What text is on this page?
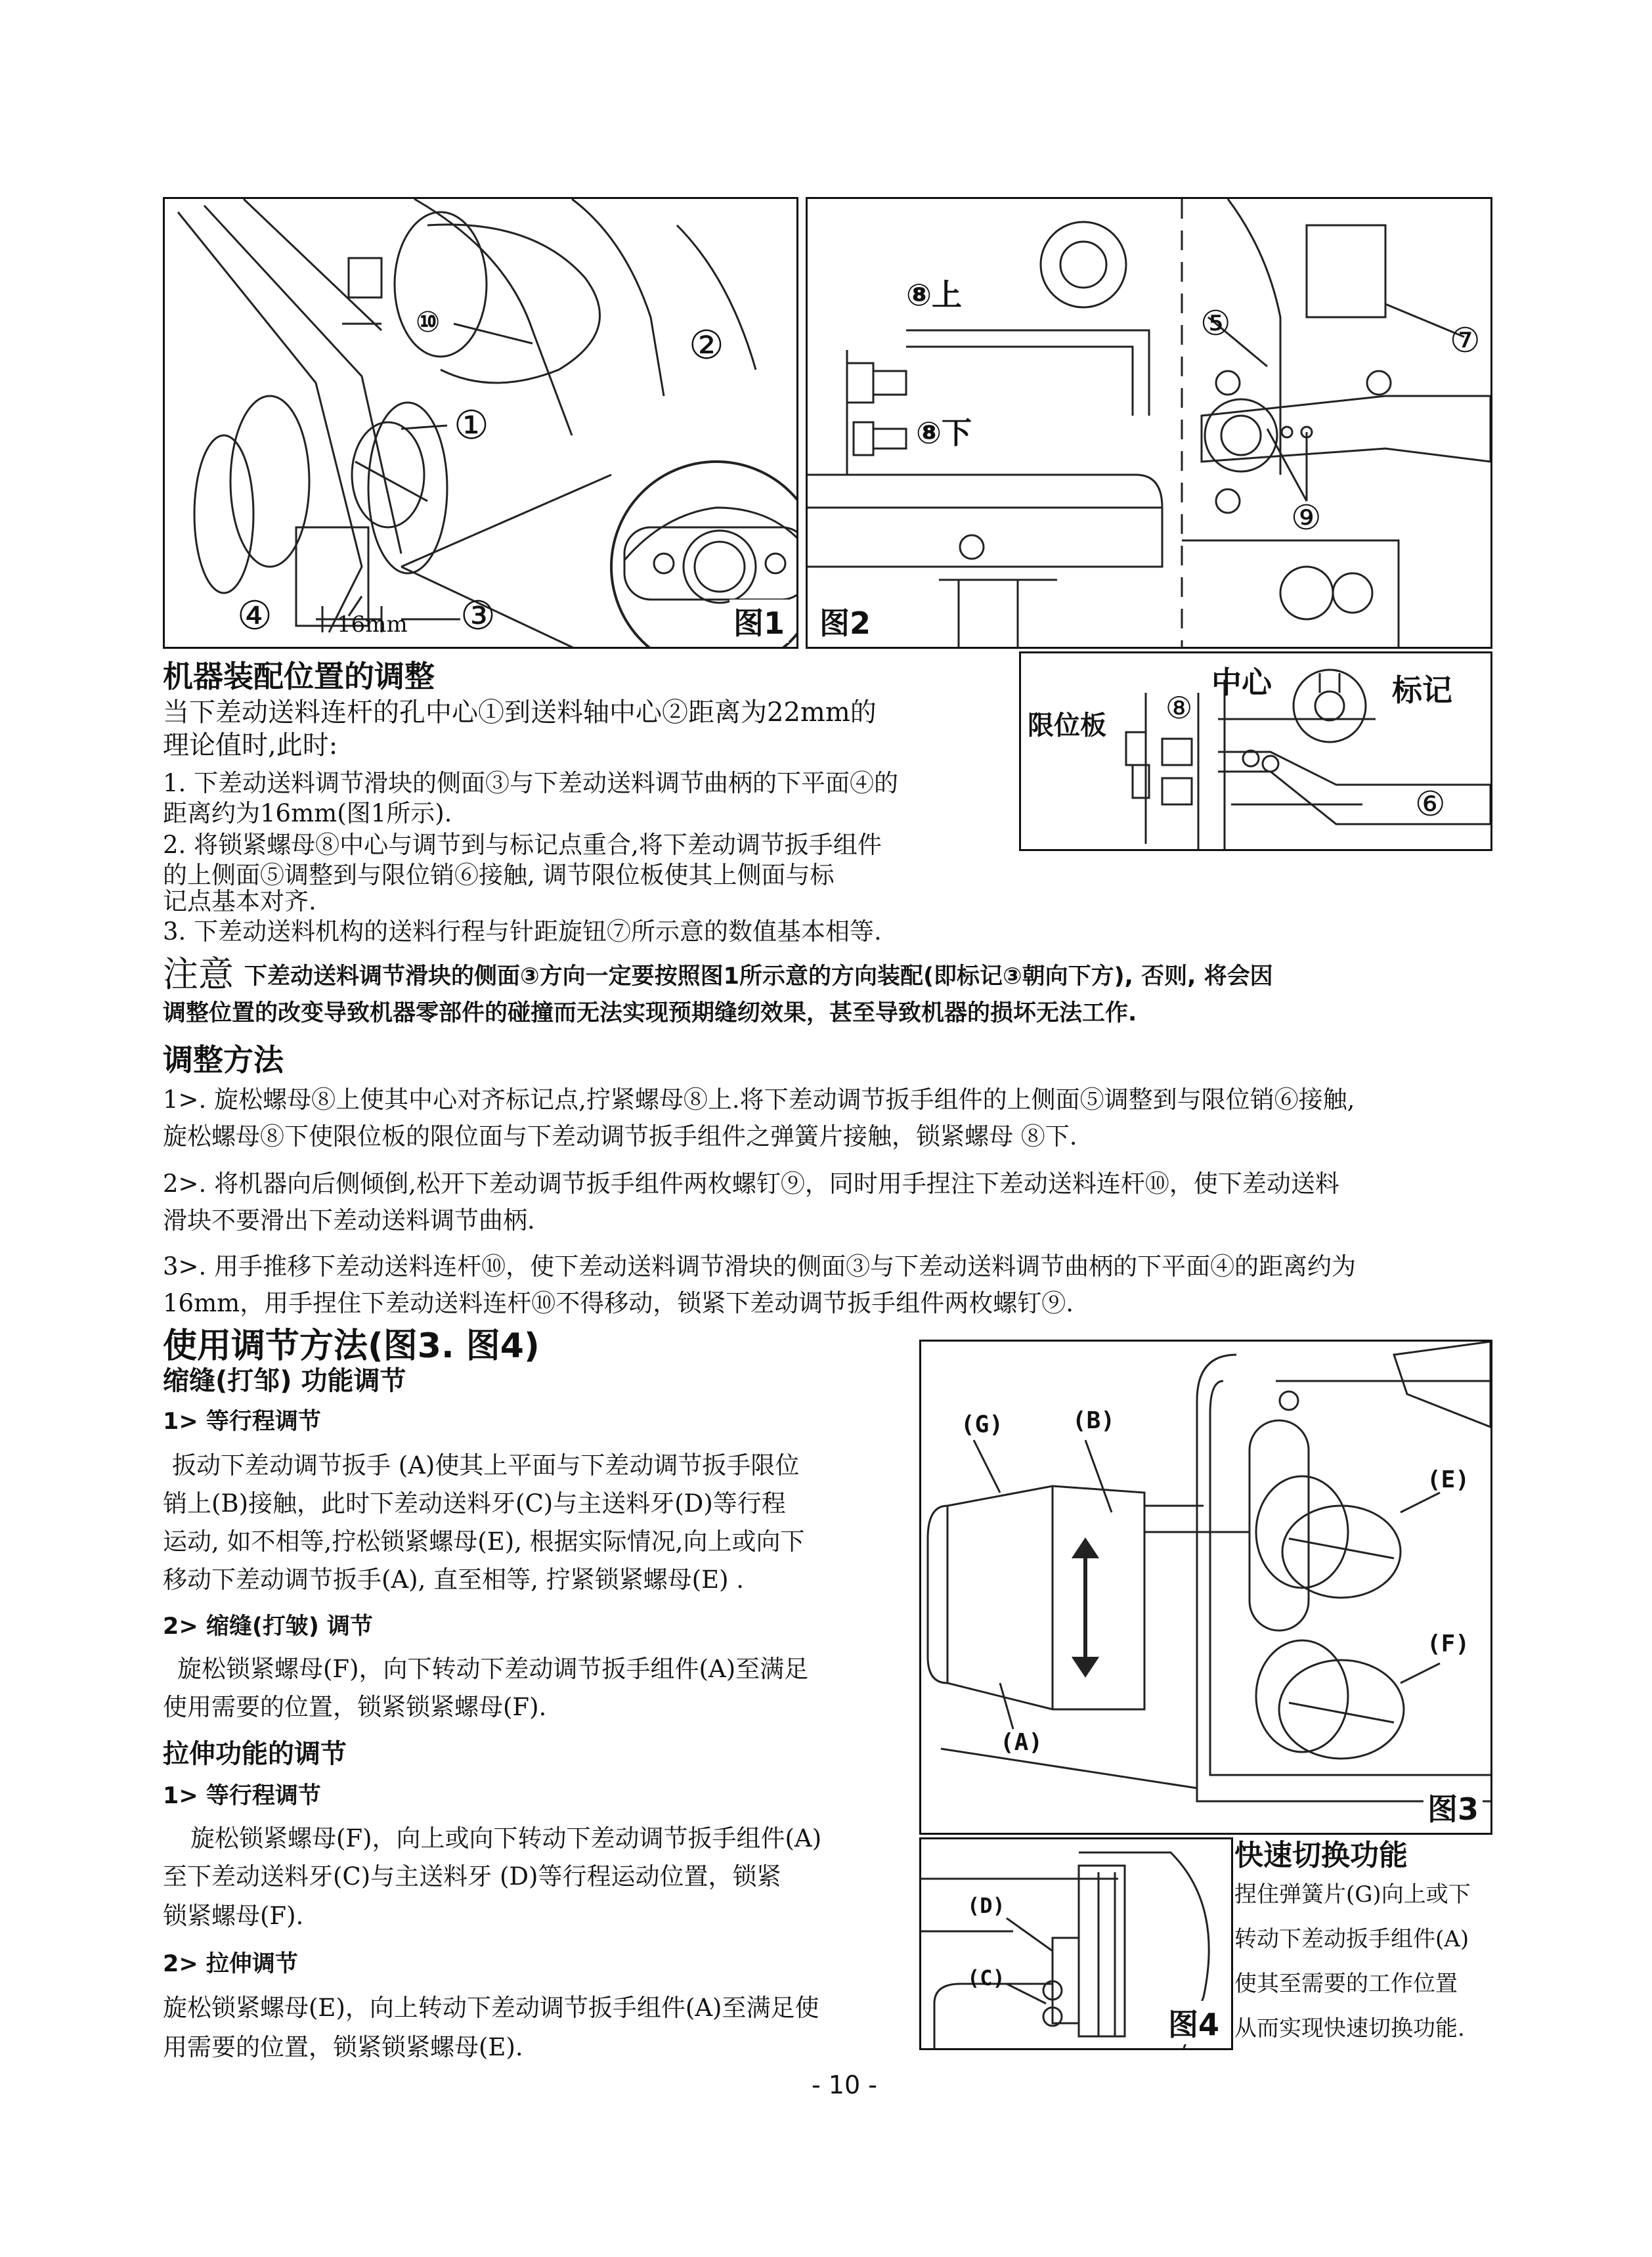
⑩
②
①
④	③
16mm	图1
⑧上
⑧下
⑤	⑦
⑨
图2
中心	标记
限位板 ⑧
⑥
机器装配位置的调整
当下差动送料连杆的孔中心①到送料轴中心②距离为22mm的
理论值时,此时:
1. 下差动送料调节滑块的侧面③与下差动送料调节曲柄的下平面④的
距离约为16mm(图1所示).
2. 将锁紧螺母⑧中心与调节到与标记点重合,将下差动调节扳手组件
的上侧面⑤调整到与限位销⑥接触, 调节限位板使其上侧面与标
记点基本对齐.
3. 下差动送料机构的送料行程与针距旋钮⑦所示意的数值基本相等.
注意 下差动送料调节滑块的侧面③方向一定要按照图1所示意的方向装配(即标记③朝向下方), 否则, 将会因
调整位置的改变导致机器零部件的碰撞而无法实现预期缝纫效果，甚至导致机器的损坏无法工作.
调整方法
1>. 旋松螺母⑧上使其中心对齐标记点,拧紧螺母⑧上.将下差动调节扳手组件的上侧面⑤调整到与限位销⑥接触,
旋松螺母⑧下使限位板的限位面与下差动调节扳手组件之弹簧片接触，锁紧螺母 ⑧下.
2>. 将机器向后侧倾倒,松开下差动调节扳手组件两枚螺钉⑨，同时用手捏注下差动送料连杆⑩，使下差动送料
滑块不要滑出下差动送料调节曲柄.
3>. 用手推移下差动送料连杆⑩，使下差动送料调节滑块的侧面③与下差动送料调节曲柄的下平面④的距离约为
16mm，用手捏住下差动送料连杆⑩不得移动，锁紧下差动调节扳手组件两枚螺钉⑨.
使用调节方法(图3. 图4)
缩缝(打邹) 功能调节
1> 等行程调节
扳动下差动调节扳手 (A)使其上平面与下差动调节扳手限位
销上(B)接触，此时下差动送料牙(C)与主送料牙(D)等行程
运动, 如不相等,拧松锁紧螺母(E), 根据实际情况,向上或向下
移动下差动调节扳手(A), 直至相等, 拧紧锁紧螺母(E) .
2> 缩缝(打皱) 调节
旋松锁紧螺母(F)，向下转动下差动调节扳手组件(A)至满足
使用需要的位置，锁紧锁紧螺母(F).
拉伸功能的调节
1> 等行程调节
旋松锁紧螺母(F)，向上或向下转动下差动调节扳手组件(A)
至下差动送料牙(C)与主送料牙 (D)等行程运动位置，锁紧
锁紧螺母(F).
2> 拉伸调节
旋松锁紧螺母(E)，向上转动下差动调节扳手组件(A)至满足使
用需要的位置，锁紧锁紧螺母(E).
(G)	(B)
(E)
(F)
(A)
图3
(D)
(C)
图4
快速切换功能
捏住弹簧片(G)向上或下
转动下差动扳手组件(A)
使其至需要的工作位置
从而实现快速切换功能.
- 10 -
